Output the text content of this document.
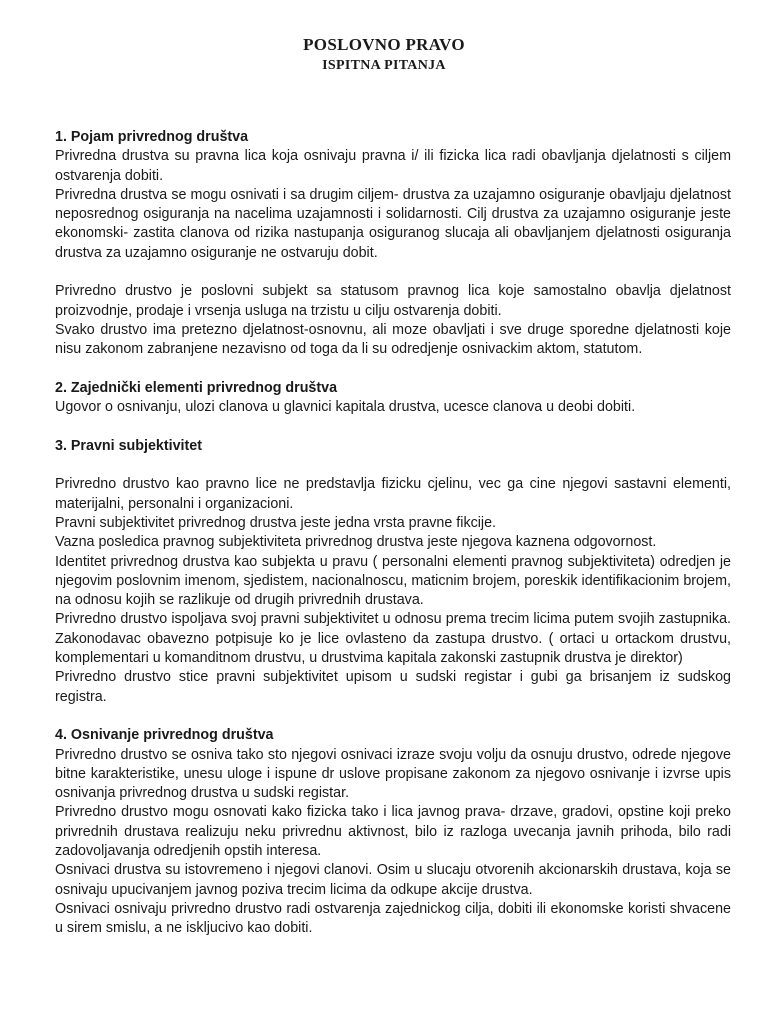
POSLOVNO PRAVO
ISPITNA PITANJA
1. Pojam privrednog društva

Privredna drustva su pravna lica koja osnivaju pravna i/ ili fizicka lica radi obavljanja djelatnosti s ciljem ostvarenja dobiti.

Privredna drustva se mogu osnivati i sa drugim ciljem- drustva za uzajamno osiguranje obavljaju djelatnost neposrednog osiguranja na nacelima uzajamnosti i solidarnosti. Cilj drustva za uzajamno osiguranje jeste ekonomski- zastita clanova od rizika nastupanja osiguranog slucaja ali obavljanjem djelatnosti osiguranja drustva za uzajamno osiguranje ne ostvaruju dobit.

Privredno drustvo je poslovni subjekt sa statusom pravnog lica koje samostalno obavlja djelatnost proizvodnje, prodaje i vrsenja usluga na trzistu u cilju ostvarenja dobiti.

Svako drustvo ima pretezno djelatnost-osnovnu, ali moze obavljati i sve druge sporedne djelatnosti koje nisu zakonom zabranjene nezavisno od toga da li su odredjenje osnivackim aktom, statutom.

2. Zajednički elementi privrednog društva

Ugovor o osnivanju, ulozi clanova u glavnici kapitala drustva, ucesce clanova u deobi dobiti.

3. Pravni subjektivitet

Privredno drustvo kao pravno lice ne predstavlja fizicku cjelinu, vec ga cine njegovi sastavni elementi, materijalni, personalni i organizacioni.

Pravni subjektivitet privrednog drustva jeste jedna vrsta pravne fikcije.

Vazna posledica pravnog subjektiviteta privrednog drustva jeste njegova kaznena odgovornost.

Identitet privrednog drustva kao subjekta u pravu ( personalni elementi pravnog subjektiviteta) odredjen je njegovim poslovnim imenom, sjedistem, nacionalnoscu, maticnim brojem, poreskik identifikacionim brojem, na odnosu kojih se razlikuje od drugih privrednih drustava.

Privredno drustvo ispoljava svoj pravni subjektivitet u odnosu prema trecim licima putem svojih zastupnika. Zakonodavac obavezno potpisuje ko je lice ovlasteno da zastupa drustvo. ( ortaci u ortackom drustvu, komplementari u komanditnom drustvu, u drustvima kapitala zakonski zastupnik drustva je direktor)

Privredno drustvo stice pravni subjektivitet upisom u sudski registar i gubi ga brisanjem iz sudskog registra.

4. Osnivanje privrednog društva

Privredno drustvo se osniva tako sto njegovi osnivaci izraze svoju volju da osnuju drustvo, odrede njegove bitne karakteristike, unesu uloge i ispune dr uslove propisane zakonom za njegovo osnivanje i izvrse upis osnivanja privrednog drustva u sudski registar.

Privredno drustvo mogu osnovati kako fizicka tako i lica javnog prava- drzave, gradovi, opstine koji preko privrednih drustava realizuju neku privrednu aktivnost, bilo iz razloga uvecanja javnih prihoda, bilo radi zadovoljavanja odredjenih opstih interesa.

Osnivaci drustva su istovremeno i njegovi clanovi. Osim u slucaju otvorenih akcionarskih drustava, koja se osnivaju upucivanjem javnog poziva trecim licima da odkupe akcije drustva.

Osnivaci osnivaju privredno drustvo radi ostvarenja zajednickog cilja, dobiti ili ekonomske koristi shvacene u sirem smislu, a ne iskljucivo kao dobiti.
